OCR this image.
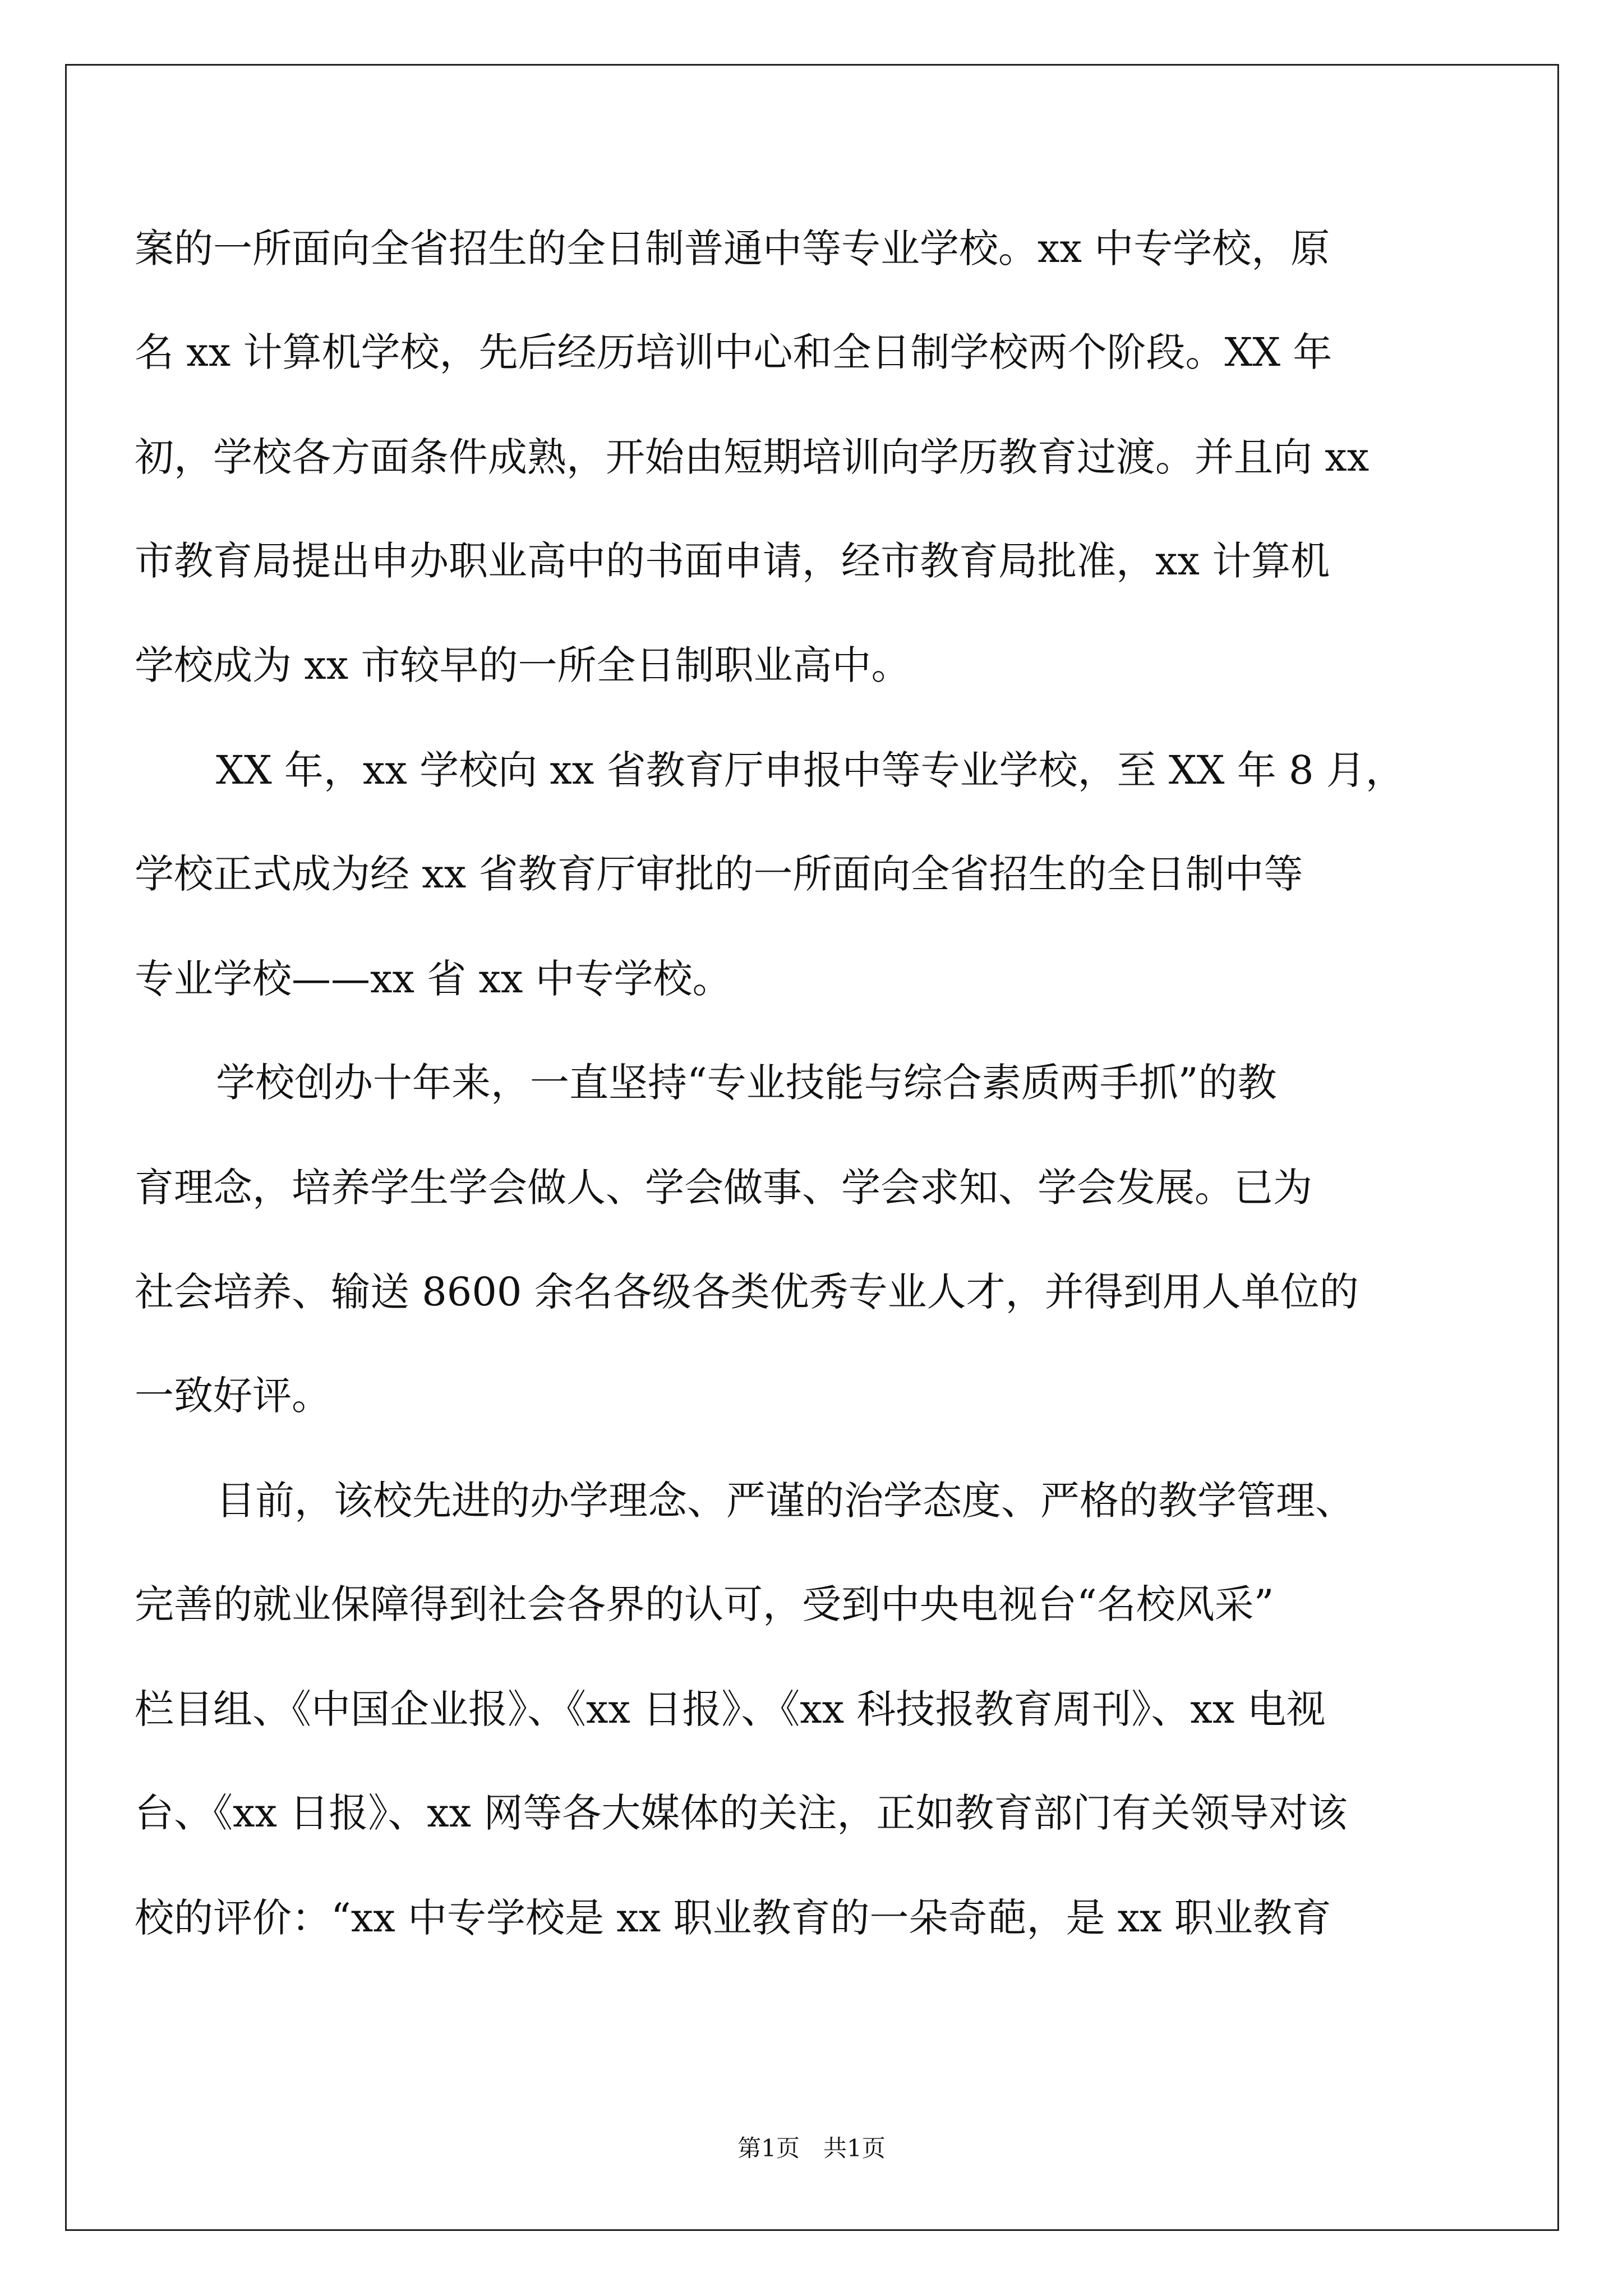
案的一所面向全省招生的全日制普通中等专业学校。xx 中专学校，原
名 xx 计算机学校，先后经历培训中心和全日制学校两个阶段。XX 年
初，学校各方面条件成熟，开始由短期培训向学历教育过渡。并且向 xx
市教育局提出申办职业高中的书面申请，经市教育局批准，xx 计算机
学校成为 xx 市较早的一所全日制职业高中。
XX 年，xx 学校向 xx 省教育厅申报中等专业学校，至 XX 年 8 月，
学校正式成为经 xx 省教育厅审批的一所面向全省招生的全日制中等
专业学校——xx 省 xx 中专学校。
学校创办十年来，一直坚持“专业技能与综合素质两手抓”的教
育理念，培养学生学会做人、学会做事、学会求知、学会发展。已为
社会培养、输送 8600 余名各级各类优秀专业人才，并得到用人单位的
一致好评。
目前，该校先进的办学理念、严谨的治学态度、严格的教学管理、
完善的就业保障得到社会各界的认可，受到中央电视台“名校风采”
栏目组、《中国企业报》、《xx 日报》、《xx 科技报教育周刊》、xx 电视
台、《xx 日报》、xx 网等各大媒体的关注，正如教育部门有关领导对该
校的评价：“xx 中专学校是 xx 职业教育的一朵奇葩，是 xx 职业教育
第1页　共1页
